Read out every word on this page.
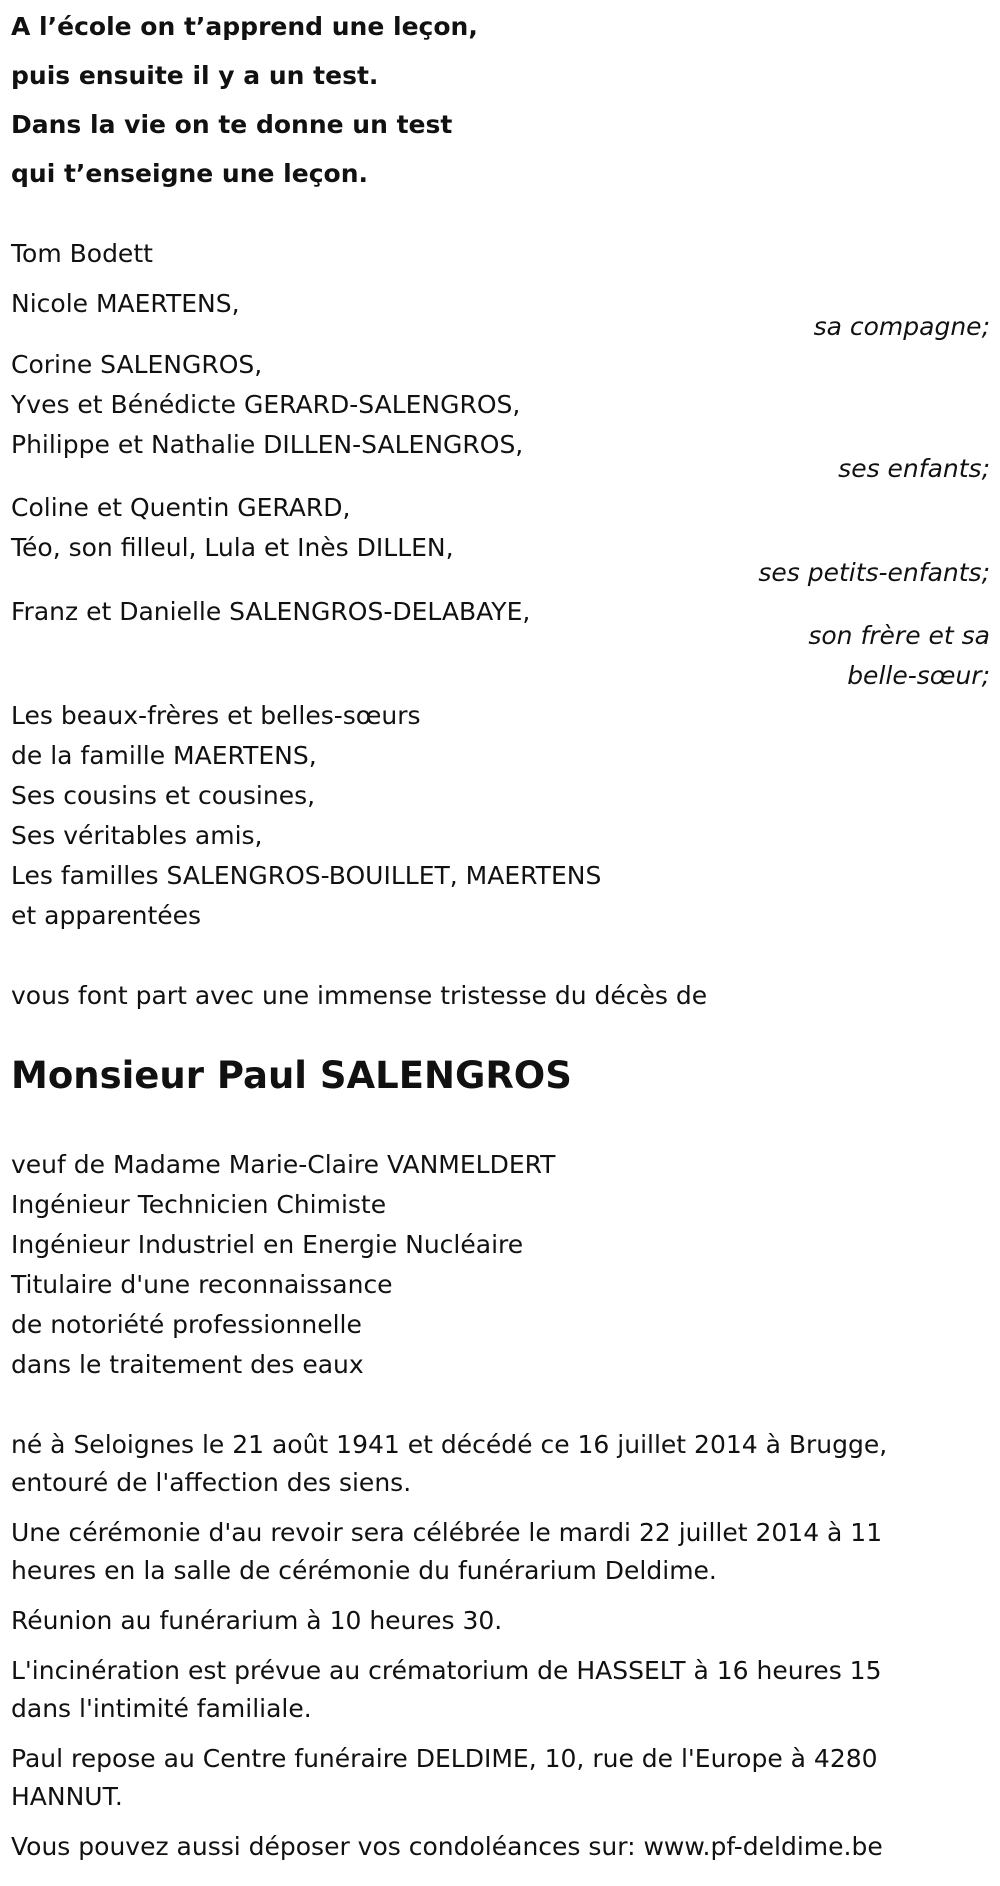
A l’école on t’apprend une leçon,
puis ensuite il y a un test.
Dans la vie on te donne un test
qui t’enseigne une leçon.
Tom Bodett
Nicole MAERTENS,
sa compagne;
Corine SALENGROS,
Yves et Bénédicte GERARD-SALENGROS,
Philippe et Nathalie DILLEN-SALENGROS,
ses enfants;
Coline et Quentin GERARD,
Téo, son filleul, Lula et Inès DILLEN,
ses petits-enfants;
Franz et Danielle SALENGROS-DELABAYE,
son frère et sa
belle-sœur;
Les beaux-frères et belles-sœurs
de la famille MAERTENS,
Ses cousins et cousines,
Ses véritables amis,
Les familles SALENGROS-BOUILLET, MAERTENS
et apparentées
vous font part avec une immense tristesse du décès de
Monsieur Paul SALENGROS
veuf de Madame Marie-Claire VANMELDERT
Ingénieur Technicien Chimiste
Ingénieur Industriel en Energie Nucléaire
Titulaire d'une reconnaissance
de notoriété professionnelle
dans le traitement des eaux
né à Seloignes le 21 août 1941 et décédé ce 16 juillet 2014 à Brugge,
entouré de l'affection des siens.
Une cérémonie d'au revoir sera célébrée le mardi 22 juillet 2014 à 11
heures en la salle de cérémonie du funérarium Deldime.
Réunion au funérarium à 10 heures 30.
L'incinération est prévue au crématorium de HASSELT à 16 heures 15
dans l'intimité familiale.
Paul repose au Centre funéraire DELDIME, 10, rue de l'Europe à 4280
HANNUT.
Vous pouvez aussi déposer vos condoléances sur: www.pf-deldime.be
